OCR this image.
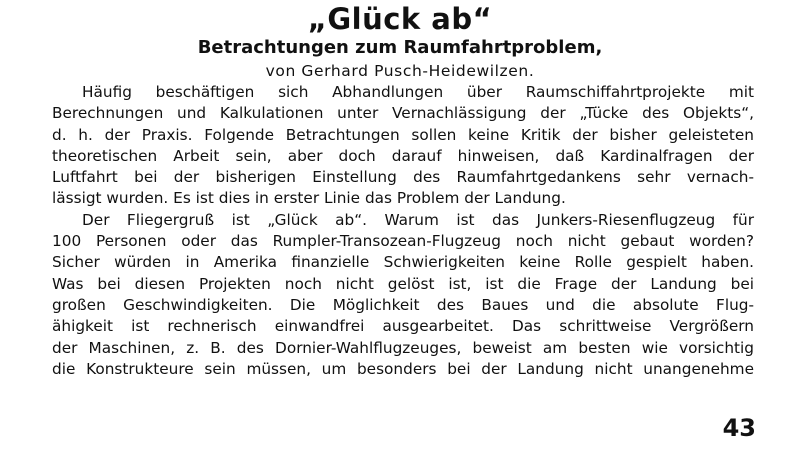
„Glück ab“
Betrachtungen zum Raumfahrtproblem,
von Gerhard Pusch-Heidewilzen.
Häufig beschäftigen sich Abhandlungen über Raumschiffahrtprojekte mit
Berechnungen und Kalkulationen unter Vernachlässigung der „Tücke des Objekts“,
d. h. der Praxis. Folgende Betrachtungen sollen keine Kritik der bisher geleisteten
theoretischen Arbeit sein, aber doch darauf hinweisen, daß Kardinalfragen der
Luftfahrt bei der bisherigen Einstellung des Raumfahrtgedankens sehr vernach-
lässigt wurden. Es ist dies in erster Linie das Problem der Landung.
Der Fliegergruß ist „Glück ab“. Warum ist das Junkers-Riesenflugzeug für
100 Personen oder das Rumpler-Transozean-Flugzeug noch nicht gebaut worden?
Sicher würden in Amerika finanzielle Schwierigkeiten keine Rolle gespielt haben.
Was bei diesen Projekten noch nicht gelöst ist, ist die Frage der Landung bei
großen Geschwindigkeiten. Die Möglichkeit des Baues und die absolute Flug-
ähigkeit ist rechnerisch einwandfrei ausgearbeitet. Das schrittweise Vergrößern
der Maschinen, z. B. des Dornier-Wahlflugzeuges, beweist am besten wie vorsichtig
die Konstrukteure sein müssen, um besonders bei der Landung nicht unangenehme
43
